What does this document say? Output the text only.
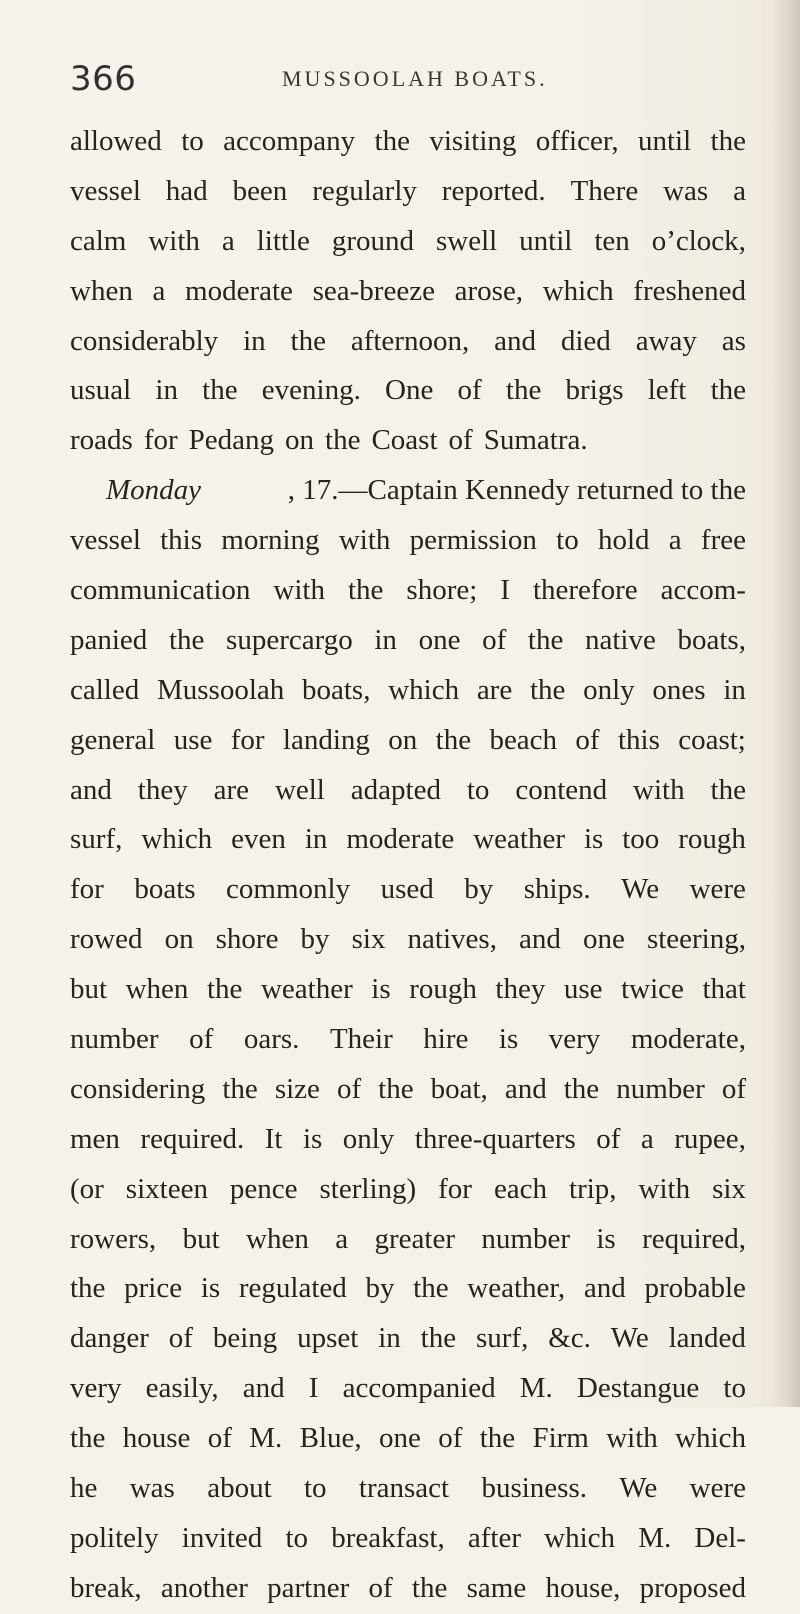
366	MUSSOOLAH BOATS.
allowed to accompany the visiting officer, until the
vessel had been regularly reported. There was a
calm with a little ground swell until ten o’clock,
when a moderate sea-breeze arose, which freshened
considerably in the afternoon, and died away as
usual in the evening. One of the brigs left the
roads for Pedang on the Coast of Sumatra.
Monday	, 17.—Captain Kennedy returned to the
vessel this morning with permission to hold a free
communication with the shore; I therefore accom-
panied the supercargo in one of the native boats,
called Mussoolah boats, which are the only ones in
general use for landing on the beach of this coast;
and they are well adapted to contend with the
surf, which even in moderate weather is too rough
for boats commonly used by ships. We were
rowed on shore by six natives, and one steering,
but when the weather is rough they use twice that
number of oars. Their hire is very moderate,
considering the size of the boat, and the number of
men required. It is only three-quarters of a rupee,
(or sixteen pence sterling) for each trip, with six
rowers, but when a greater number is required,
the price is regulated by the weather, and probable
danger of being upset in the surf, &c. We landed
very easily, and I accompanied M. Destangue to
the house of M. Blue, one of the Firm with which
he was about to transact business. We were
politely invited to breakfast, after which M. Del-
break, another partner of the same house, proposed
